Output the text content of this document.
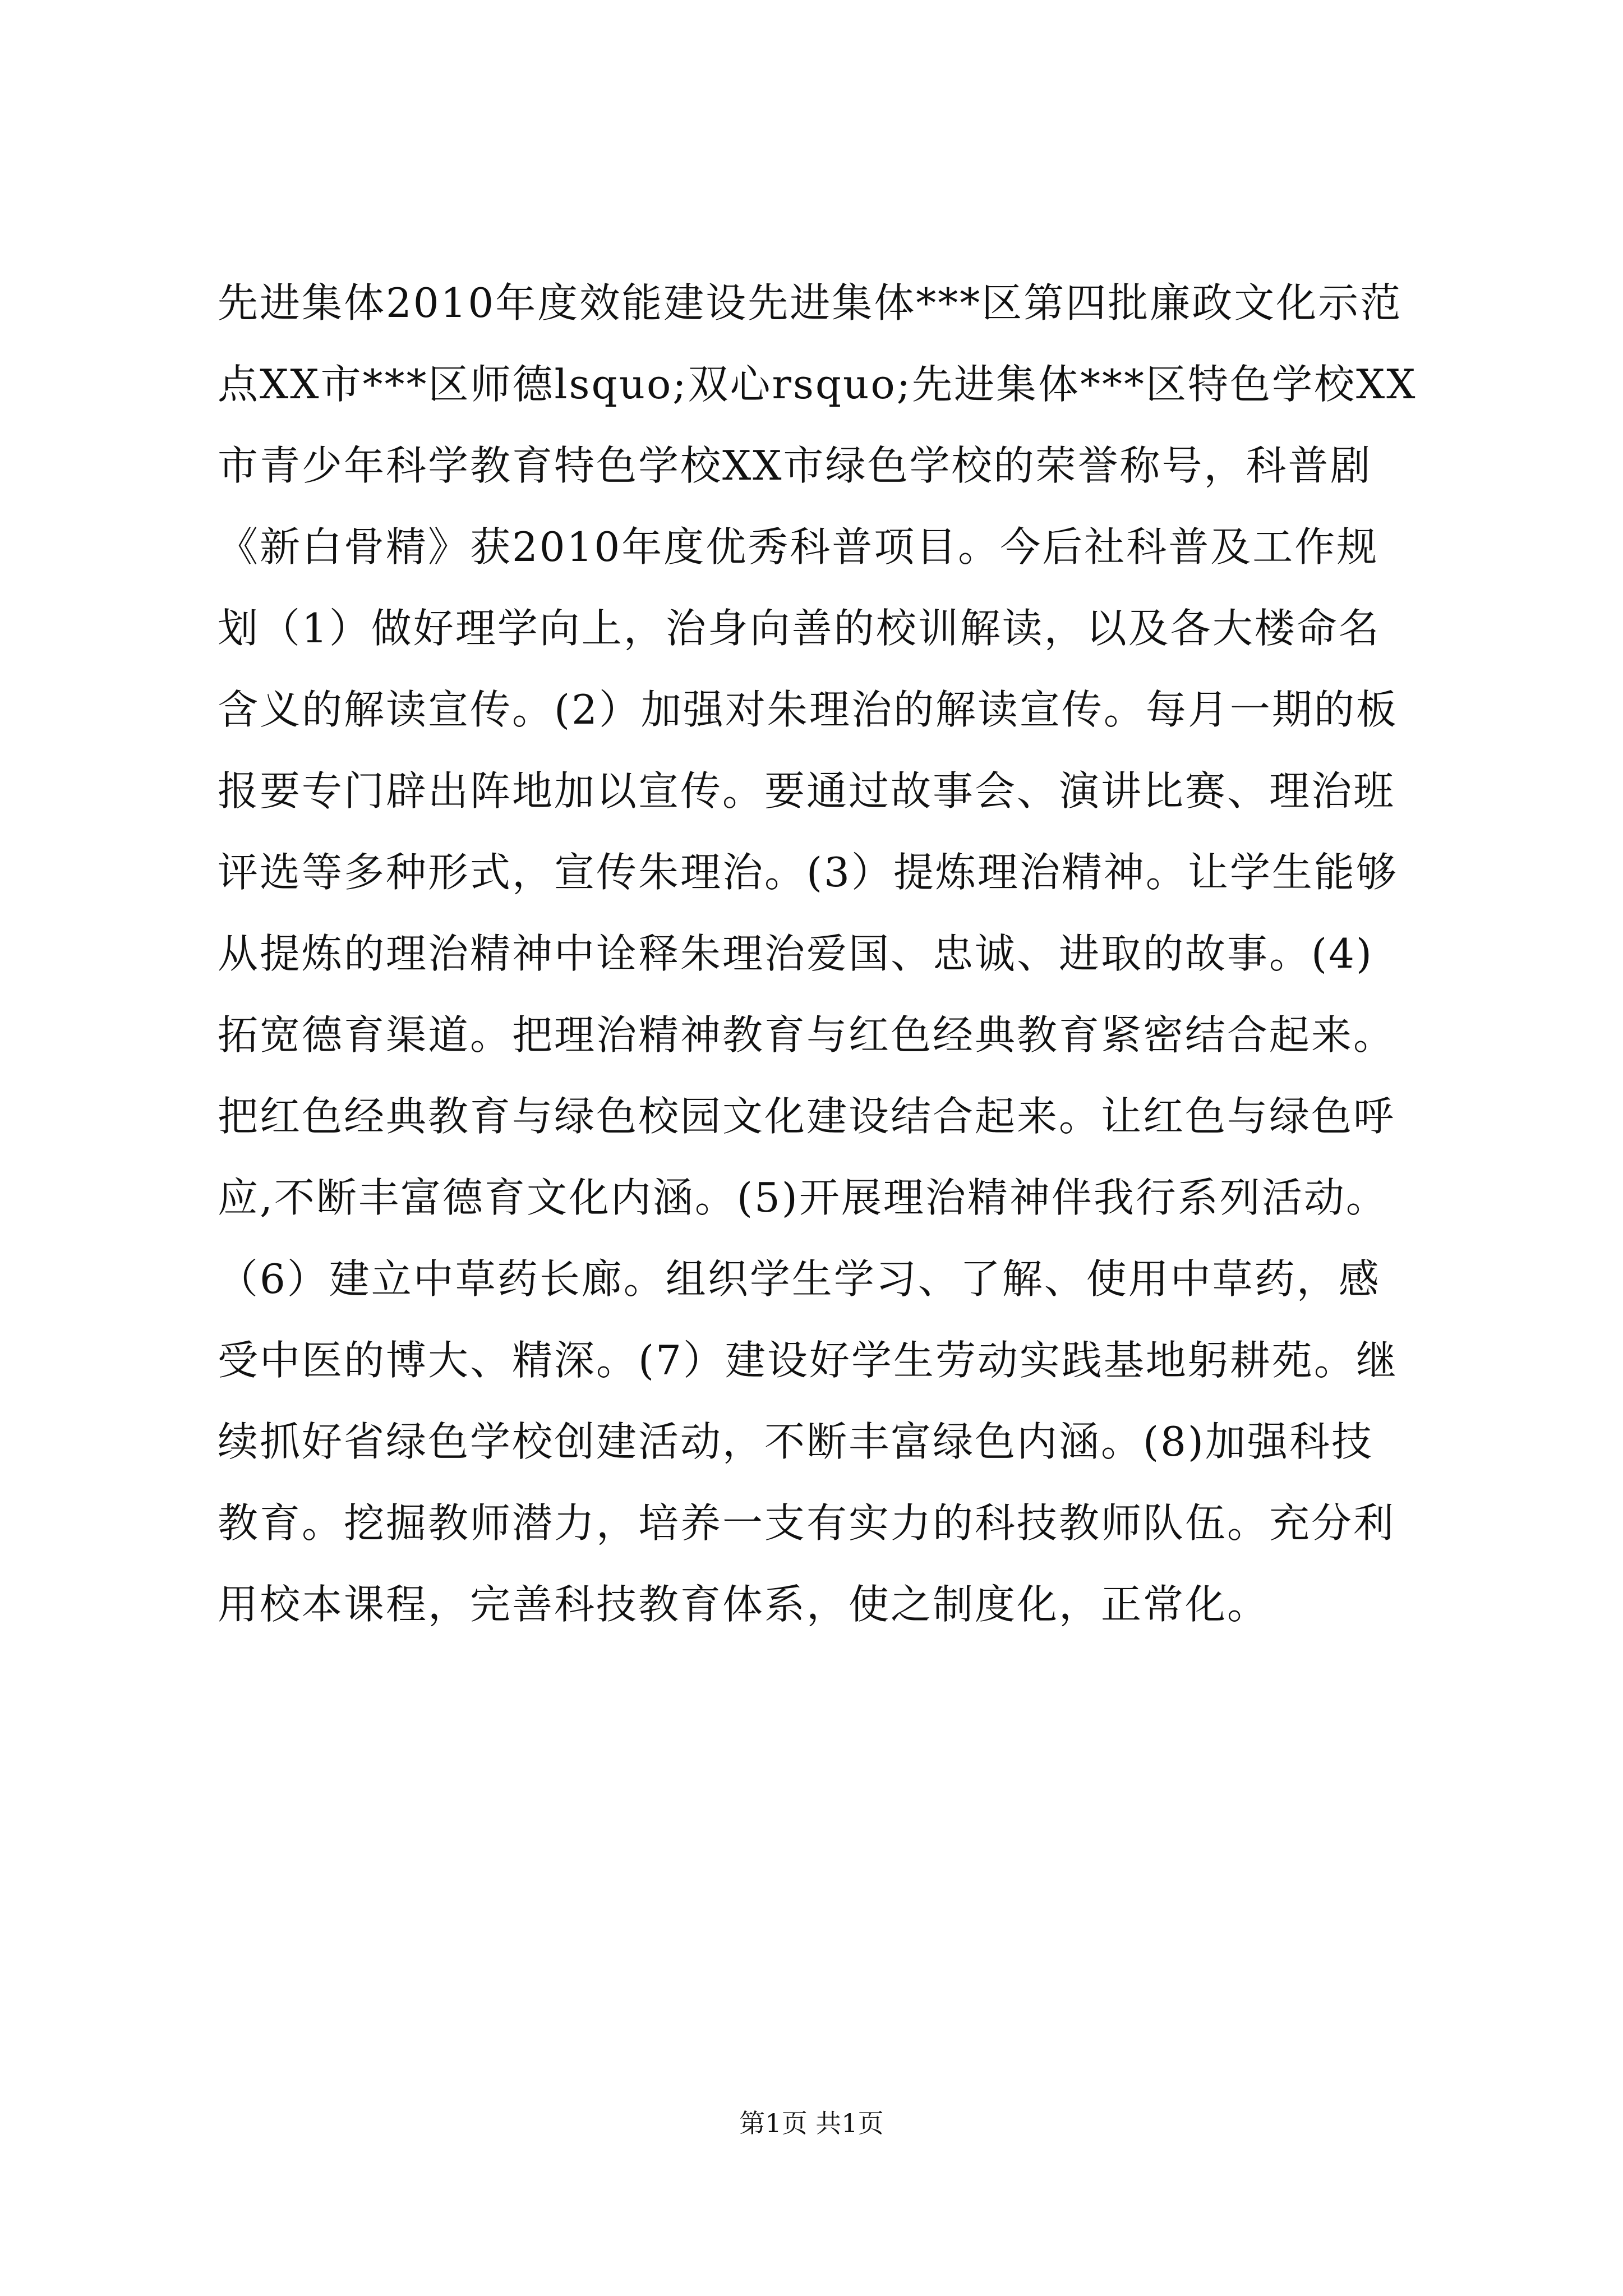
先进集体2010年度效能建设先进集体***区第四批廉政文化示范
点XX市***区师德lsquo;双心rsquo;先进集体***区特色学校XX
市青少年科学教育特色学校XX市绿色学校的荣誉称号，科普剧
《新白骨精》获2010年度优秀科普项目。今后社科普及工作规
划（1）做好理学向上，治身向善的校训解读，以及各大楼命名
含义的解读宣传。(2）加强对朱理治的解读宣传。每月一期的板
报要专门辟出阵地加以宣传。要通过故事会、演讲比赛、理治班
评选等多种形式，宣传朱理治。(3）提炼理治精神。让学生能够
从提炼的理治精神中诠释朱理治爱国、忠诚、进取的故事。(4)
拓宽德育渠道。把理治精神教育与红色经典教育紧密结合起来。
把红色经典教育与绿色校园文化建设结合起来。让红色与绿色呼
应,不断丰富德育文化内涵。(5)开展理治精神伴我行系列活动。
（6）建立中草药长廊。组织学生学习、了解、使用中草药，感
受中医的博大、精深。(7）建设好学生劳动实践基地躬耕苑。继
续抓好省绿色学校创建活动，不断丰富绿色内涵。(8)加强科技
教育。挖掘教师潜力，培养一支有实力的科技教师队伍。充分利
用校本课程，完善科技教育体系，使之制度化，正常化。
第1页 共1页
